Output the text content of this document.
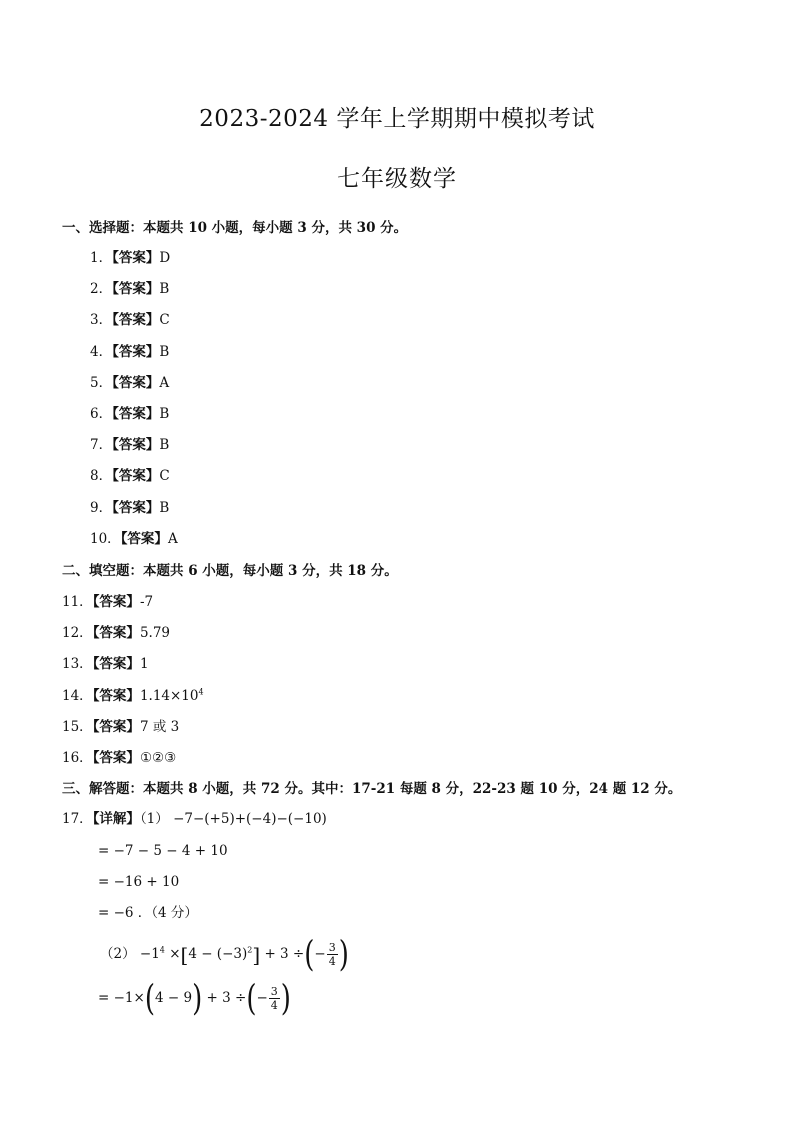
2023-2024 学年上学期期中模拟考试
七年级数学
一、选择题：本题共 10 小题，每小题 3 分，共 30 分。
1．【答案】D
2．【答案】B
3．【答案】C
4．【答案】B
5．【答案】A
6．【答案】B
7．【答案】B
8．【答案】C
9．【答案】B
10．【答案】A
二、填空题：本题共 6 小题，每小题 3 分，共 18 分。
11．【答案】-7
12．【答案】5.79
13．【答案】1
14．【答案】$1.14\times 10^4$
15．【答案】7 或 3
16．【答案】①②③
三、解答题：本题共 8 小题，共 72 分。其中：17-21 每题 8 分，22-23 题 10 分，24 题 12 分。
17．【详解】（1） −7−(+5)+(−4)−(−10)
= −7 − 5 − 4 + 10
= −16 + 10
= −6 ．（4 分）
$(2) -1^4 \times[4 - (-3)^2] + 3$ ÷(− $\frac{3}{4}$ )
= −1×(4 − 9) + 3 ÷(− $\frac{3}{4}$ )
